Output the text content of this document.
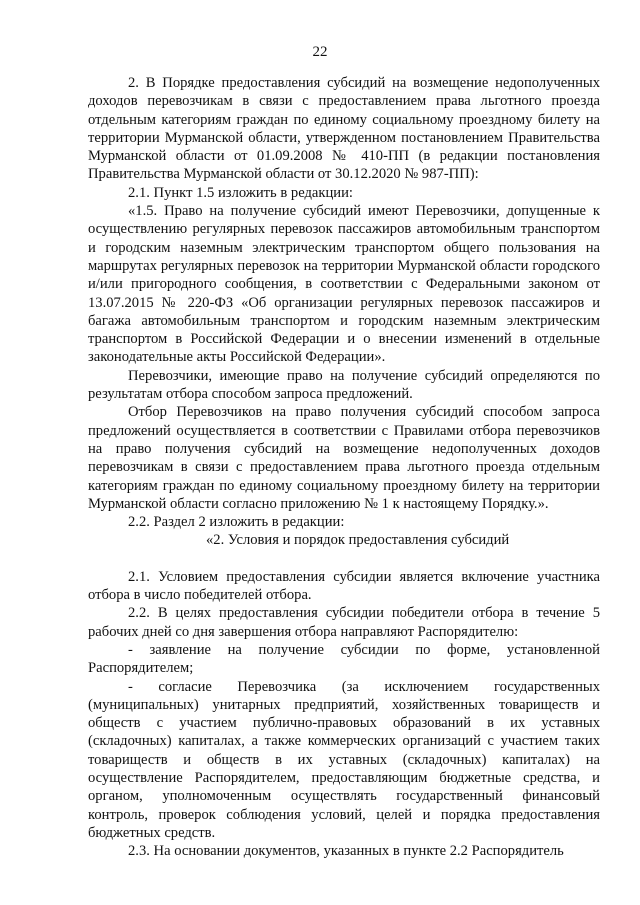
22

2. В Порядке предоставления субсидий на возмещение недополученных доходов перевозчикам в связи с предоставлением права льготного проезда отдельным категориям граждан по единому социальному проездному билету на территории Мурманской области, утвержденном постановлением Правительства Мурманской области от 01.09.2008 № 410-ПП (в редакции постановления Правительства Мурманской области от 30.12.2020 № 987-ПП):

2.1. Пункт 1.5 изложить в редакции:

«1.5. Право на получение субсидий имеют Перевозчики, допущенные к осуществлению регулярных перевозок пассажиров автомобильным транспортом и городским наземным электрическим транспортом общего пользования на маршрутах регулярных перевозок на территории Мурманской области городского и/или пригородного сообщения, в соответствии с Федеральными законом от 13.07.2015 № 220-ФЗ «Об организации регулярных перевозок пассажиров и багажа автомобильным транспортом и городским наземным электрическим транспортом в Российской Федерации и о внесении изменений в отдельные законодательные акты Российской Федерации».

Перевозчики, имеющие право на получение субсидий определяются по результатам отбора способом запроса предложений.

Отбор Перевозчиков на право получения субсидий способом запроса предложений осуществляется в соответствии с Правилами отбора перевозчиков на право получения субсидий на возмещение недополученных доходов перевозчикам в связи с предоставлением права льготного проезда отдельным категориям граждан по единому социальному проездному билету на территории Мурманской области согласно приложению № 1 к настоящему Порядку.».

2.2. Раздел 2 изложить в редакции:

«2. Условия и порядок предоставления субсидий

2.1. Условием предоставления субсидии является включение участника отбора в число победителей отбора.

2.2. В целях предоставления субсидии победители отбора в течение 5 рабочих дней со дня завершения отбора направляют Распорядителю:

- заявление на получение субсидии по форме, установленной Распорядителем;

- согласие Перевозчика (за исключением государственных (муниципальных) унитарных предприятий, хозяйственных товариществ и обществ с участием публично-правовых образований в их уставных (складочных) капиталах, а также коммерческих организаций с участием таких товариществ и обществ в их уставных (складочных) капиталах) на осуществление Распорядителем, предоставляющим бюджетные средства, и органом, уполномоченным осуществлять государственный финансовый контроль, проверок соблюдения условий, целей и порядка предоставления бюджетных средств.

2.3. На основании документов, указанных в пункте 2.2 Распорядитель
